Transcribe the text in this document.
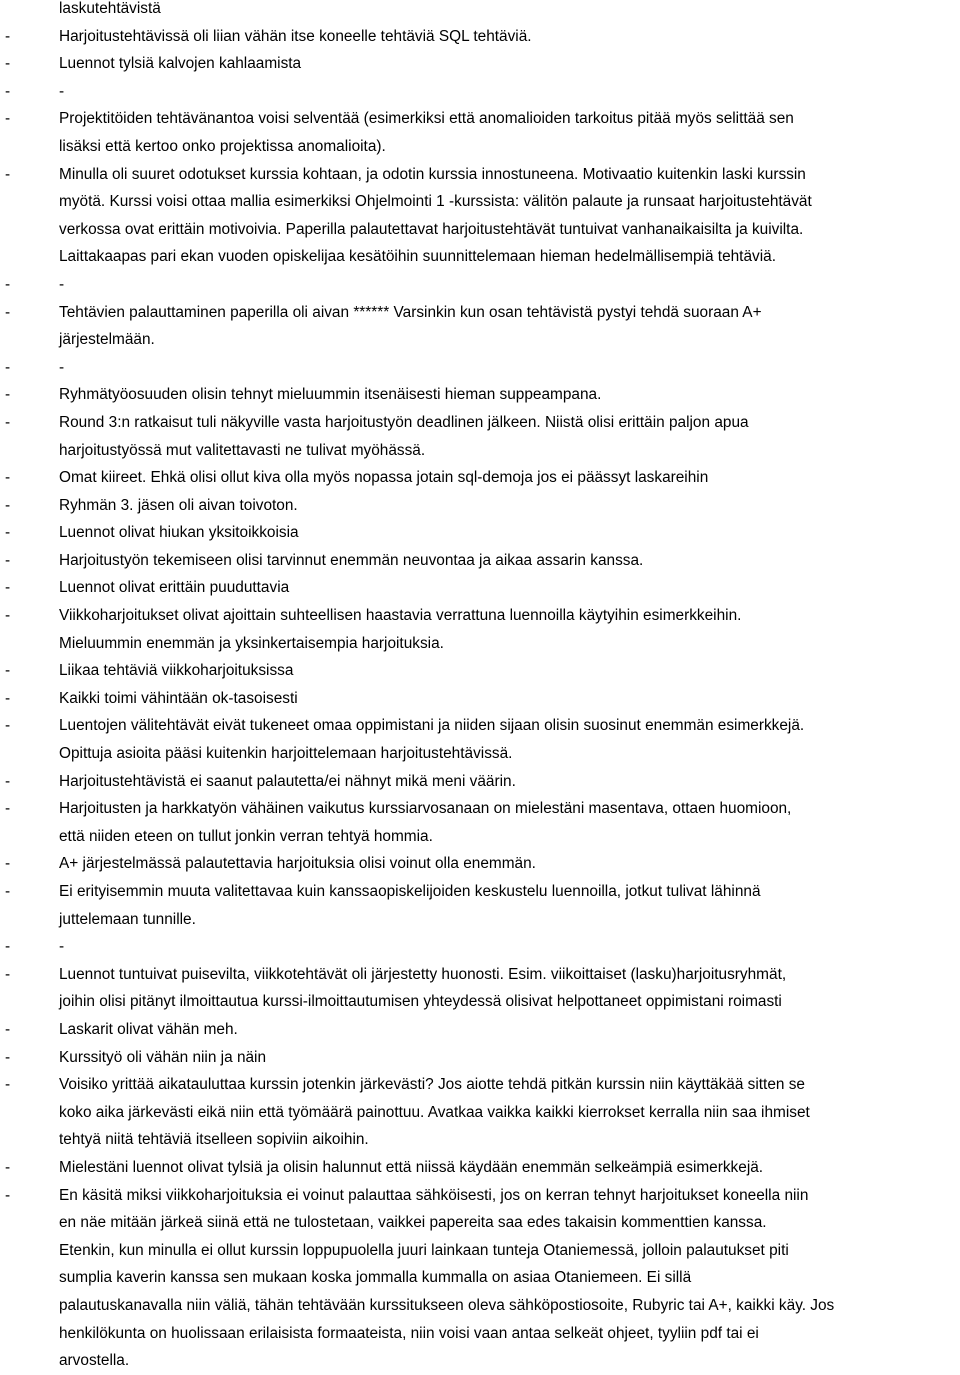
laskutehtävistä
-	Harjoitustehtävissä oli liian vähän itse koneelle tehtäviä SQL tehtäviä.
-	Luennot tylsiä kalvojen kahlaamista
-	-
-	Projektitöiden tehtävänantoa voisi selventää (esimerkiksi että anomalioiden tarkoitus pitää myös selittää sen
lisäksi että kertoo onko projektissa anomalioita).
-	Minulla oli suuret odotukset kurssia kohtaan, ja odotin kurssia innostuneena. Motivaatio kuitenkin laski kurssin
myötä. Kurssi voisi ottaa mallia esimerkiksi Ohjelmointi 1 -kurssista: välitön palaute ja runsaat harjoitustehtävät
verkossa ovat erittäin motivoivia. Paperilla palautettavat harjoitustehtävät tuntuivat vanhanaikaisilta ja kuivilta.
Laittakaapas pari ekan vuoden opiskelijaa kesätöihin suunnittelemaan hieman hedelmällisempiä tehtäviä.
-	-
-	Tehtävien palauttaminen paperilla oli aivan ****** Varsinkin kun osan tehtävistä pystyi tehdä suoraan A+
järjestelmään.
-	-
-	Ryhmätyöosuuden olisin tehnyt mieluummin itsenäisesti hieman suppeampana.
-	Round 3:n ratkaisut tuli näkyville vasta harjoitustyön deadlinen jälkeen. Niistä olisi erittäin paljon apua
harjoitustyössä mut valitettavasti ne tulivat myöhässä.
-	Omat kiireet. Ehkä olisi ollut kiva olla myös nopassa jotain sql-demoja jos ei päässyt laskareihin
-	Ryhmän 3. jäsen oli aivan toivoton.
-	Luennot olivat hiukan yksitoikkoisia
-	Harjoitustyön tekemiseen olisi tarvinnut enemmän neuvontaa ja aikaa assarin kanssa.
-	Luennot olivat erittäin puuduttavia
-	Viikkoharjoitukset olivat ajoittain suhteellisen haastavia verrattuna luennoilla käytyihin esimerkkeihin.
Mieluummin enemmän ja yksinkertaisempia harjoituksia.
-	Liikaa tehtäviä viikkoharjoituksissa
-	Kaikki toimi vähintään ok-tasoisesti
-	Luentojen välitehtävät eivät tukeneet omaa oppimistani ja niiden sijaan olisin suosinut enemmän esimerkkejä.
Opittuja asioita pääsi kuitenkin harjoittelemaan harjoitustehtävissä.
-	Harjoitustehtävistä ei saanut palautetta/ei nähnyt mikä meni väärin.
-	Harjoitusten ja harkkatyön vähäinen vaikutus kurssiarvosanaan on mielestäni masentava, ottaen huomioon,
että niiden eteen on tullut jonkin verran tehtyä hommia.
-	A+ järjestelmässä palautettavia harjoituksia olisi voinut olla enemmän.
-	Ei erityisemmin muuta valitettavaa kuin kanssaopiskelijoiden keskustelu luennoilla, jotkut tulivat lähinnä
juttelemaan tunnille.
-	-
-	Luennot tuntuivat puisevilta, viikkotehtävät oli järjestetty huonosti. Esim. viikoittaiset (lasku)harjoitusryhmät,
joihin olisi pitänyt ilmoittautua kurssi-ilmoittautumisen yhteydessä olisivat helpottaneet oppimistani roimasti
-	Laskarit olivat vähän meh.
-	Kurssityö oli vähän niin ja näin
-	Voisiko yrittää aikatauluttaa kurssin jotenkin järkevästi? Jos aiotte tehdä pitkän kurssin niin käyttäkää sitten se
koko aika järkevästi eikä niin että työmäärä painottuu. Avatkaa vaikka kaikki kierrokset kerralla niin saa ihmiset
tehtyä niitä tehtäviä itselleen sopiviin aikoihin.
-	Mielestäni luennot olivat tylsiä ja olisin halunnut että niissä käydään enemmän selkeämpiä esimerkkejä.
-	En käsitä miksi viikkoharjoituksia ei voinut palauttaa sähköisesti, jos on kerran tehnyt harjoitukset koneella niin
en näe mitään järkeä siinä että ne tulostetaan, vaikkei papereita saa edes takaisin kommenttien kanssa.
Etenkin, kun minulla ei ollut kurssin loppupuolella juuri lainkaan tunteja Otaniemessä, jolloin palautukset piti
sumplia kaverin kanssa sen mukaan koska jommalla kummalla on asiaa Otaniemeen. Ei sillä
palautuskanavalla niin väliä, tähän tehtävään kurssitukseen oleva sähköpostiosoite, Rubyric tai A+, kaikki käy. Jos
henkilökunta on huolissaan erilaisista formaateista, niin voisi vaan antaa selkeät ohjeet, tyyliin pdf tai ei
arvostella.
